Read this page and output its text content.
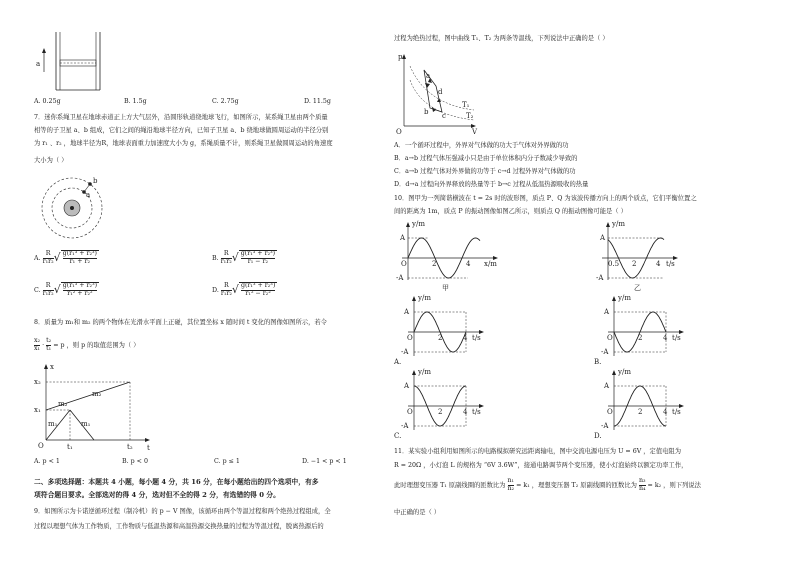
a
A. 0.25g	B. 1.5g	C. 2.75g	D. 11.5g
7．迷你系绳卫星在地球赤道正上方大气层外，沿圆形轨道绕地球飞行，如图所示，某系绳卫星由两个质量
相等的子卫星 a、b 组成，它们之间的绳沿地球半径方向，已知子卫星 a、b 绕地球做圆周运动的半径分别
为 r₁ 、r₂ ，地球半径为R，地球表面重力加速度大小为 g，系绳质量不计，则系绳卫星做圆周运动的角速度
大小为（ ）
b
a
A. $\frac{R}{\text{r₁r₂}}$ √ $\frac{\text{g(r₁³ + r₂³)}}{\text{r₁ + r₂}}$	B. $\frac{R}{\text{r₁r₂}}$ √ $\frac{\text{g(r₁³ + r₂³)}}{\text{r₁ − r₂}}$
C. $\frac{R}{\text{r₁r₂}}$ √ $\frac{\text{g(r₁³ + r₂³)}}{\text{r₁² + r₂²}}$	D. $\frac{R}{\text{r₁r₂}}$ √ $\frac{\text{g(r₁³ + r₂³)}}{\text{r₁² − r₂²}}$
8．质量为 m₁和 m₂ 的两个物体在光滑水平面上正碰，其位置坐标 x 随时间 t 变化的图像如图所示，若令
$\frac{\text{x₂}}{\text{x₁}} \cdot \frac{\text{t₂}}{\text{t₁}} = p$ ，则 p 的取值范围为（ ）
x
t
O
x₂
x₁
t₁	t₂
m₁
m₂
m₂
m₁
A. p < 1	B. p < 0	C. p ≤ 1	D. −1 < p < 1
二、多项选择题：本题共 4 小题，每小题 4 分，共 16 分，在每小题给出的四个选项中，有多
项符合题目要求。全部选对的得 4 分，选对但不全的得 2 分，有选错的得 0 分。
9．如图所示为卡诺逆循环过程（制冷机）的 p − V 图像，该循环由两个等温过程和两个绝热过程组成，全
过程以理想气体为工作物质，工作物质与低温热源和高温热源交换热量的过程为等温过程，脱离热源后的
过程为绝热过程，图中曲线 T₁、T₂ 为两条等温线，下列说法中正确的是（ ）
p
V
O
a
b c
d
T₁
T₂
A．一个循环过程中，外界对气体做的功大于气体对外界做的功
B．a→b 过程气体压强减小只是由于单位体积内分子数减少导致的
C．a→b 过程气体对外界做的功等于 c→d 过程外界对气体做的功
D．d→a 过程向外界释放的热量等于 b→c 过程从低温热源吸收的热量
10．图甲为一列简谐横波在 t = 2s 时的波形图，质点 P、Q 为该波传播方向上的两个质点，它们平衡位置之
间的距离为 1m，质点 P 的振动图像如图乙所示，则质点 Q 的振动图像可能是（ ）
y/m
A
-A
O	2	4 x/m
甲
y/m
A
-A
0.5 2	4 t/s
乙
y/m
A
-A
O	2	4 t/s
A.
y/m
A
-A
O	2	4 t/s
B.
y/m
A
-A
O	2	4 t/s
C.
y/m
A
-A
O	2	4 t/s
D.
11．某实验小组利用如图所示的电路模拟研究远距离输电，图中交流电源电压为 U = 6V ，定值电阻为
R = 20Ω ，小灯泡 L 的规格为 “6V 3.6W”，接通电路调节两个变压器，使小灯泡始终以额定功率工作，
此时理想变压器 T₁ 原副线圈的匝数比为 $\frac{\text{n₁}}{\text{n₂}} = k_1$ ，理想变压器 T₂ 原副线圈的匝数比为 $\frac{\text{n₃}}{\text{n₄}} = k_2$ ，则下列说法
中正确的是（ ）
